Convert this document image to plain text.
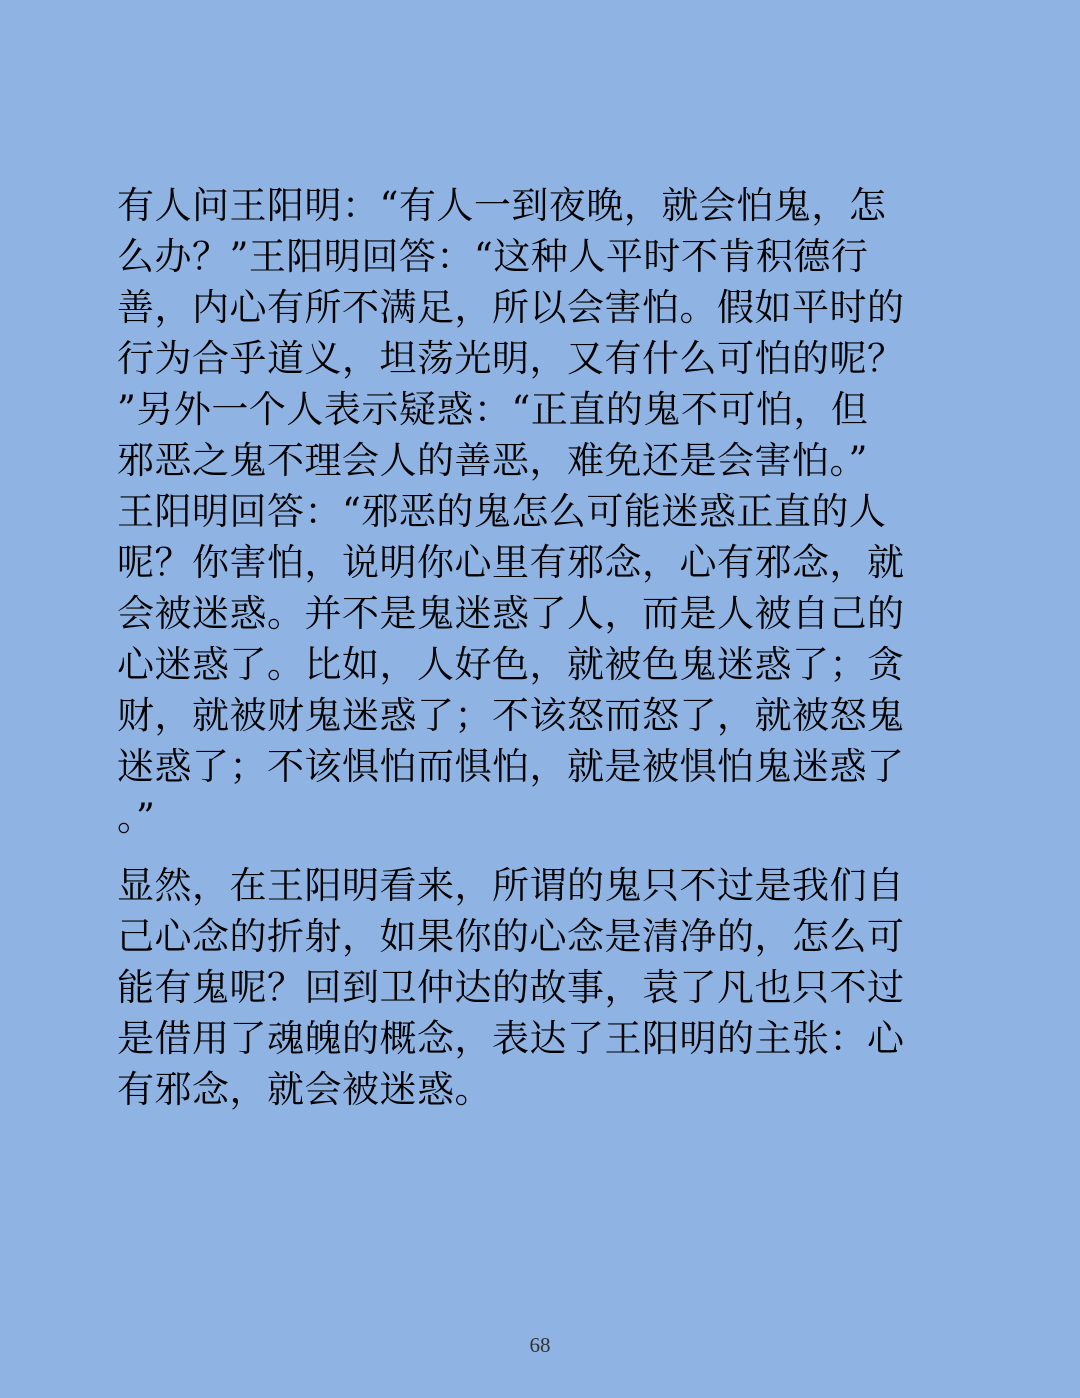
有人问王阳明：“有人一到夜晚，就会怕鬼，怎
么办？”王阳明回答：“这种人平时不肯积德行
善，内心有所不满足，所以会害怕。假如平时的
行为合乎道义，坦荡光明，又有什么可怕的呢？
”另外一个人表示疑惑：“正直的鬼不可怕，但
邪恶之鬼不理会人的善恶，难免还是会害怕。”
王阳明回答：“邪恶的鬼怎么可能迷惑正直的人
呢？你害怕，说明你心里有邪念，心有邪念，就
会被迷惑。并不是鬼迷惑了人，而是人被自己的
心迷惑了。比如，人好色，就被色鬼迷惑了；贪
财，就被财鬼迷惑了；不该怒而怒了，就被怒鬼
迷惑了；不该惧怕而惧怕，就是被惧怕鬼迷惑了
。”

显然，在王阳明看来，所谓的鬼只不过是我们自
己心念的折射，如果你的心念是清净的，怎么可
能有鬼呢？回到卫仲达的故事，袁了凡也只不过
是借用了魂魄的概念，表达了王阳明的主张：心
有邪念，就会被迷惑。

68
